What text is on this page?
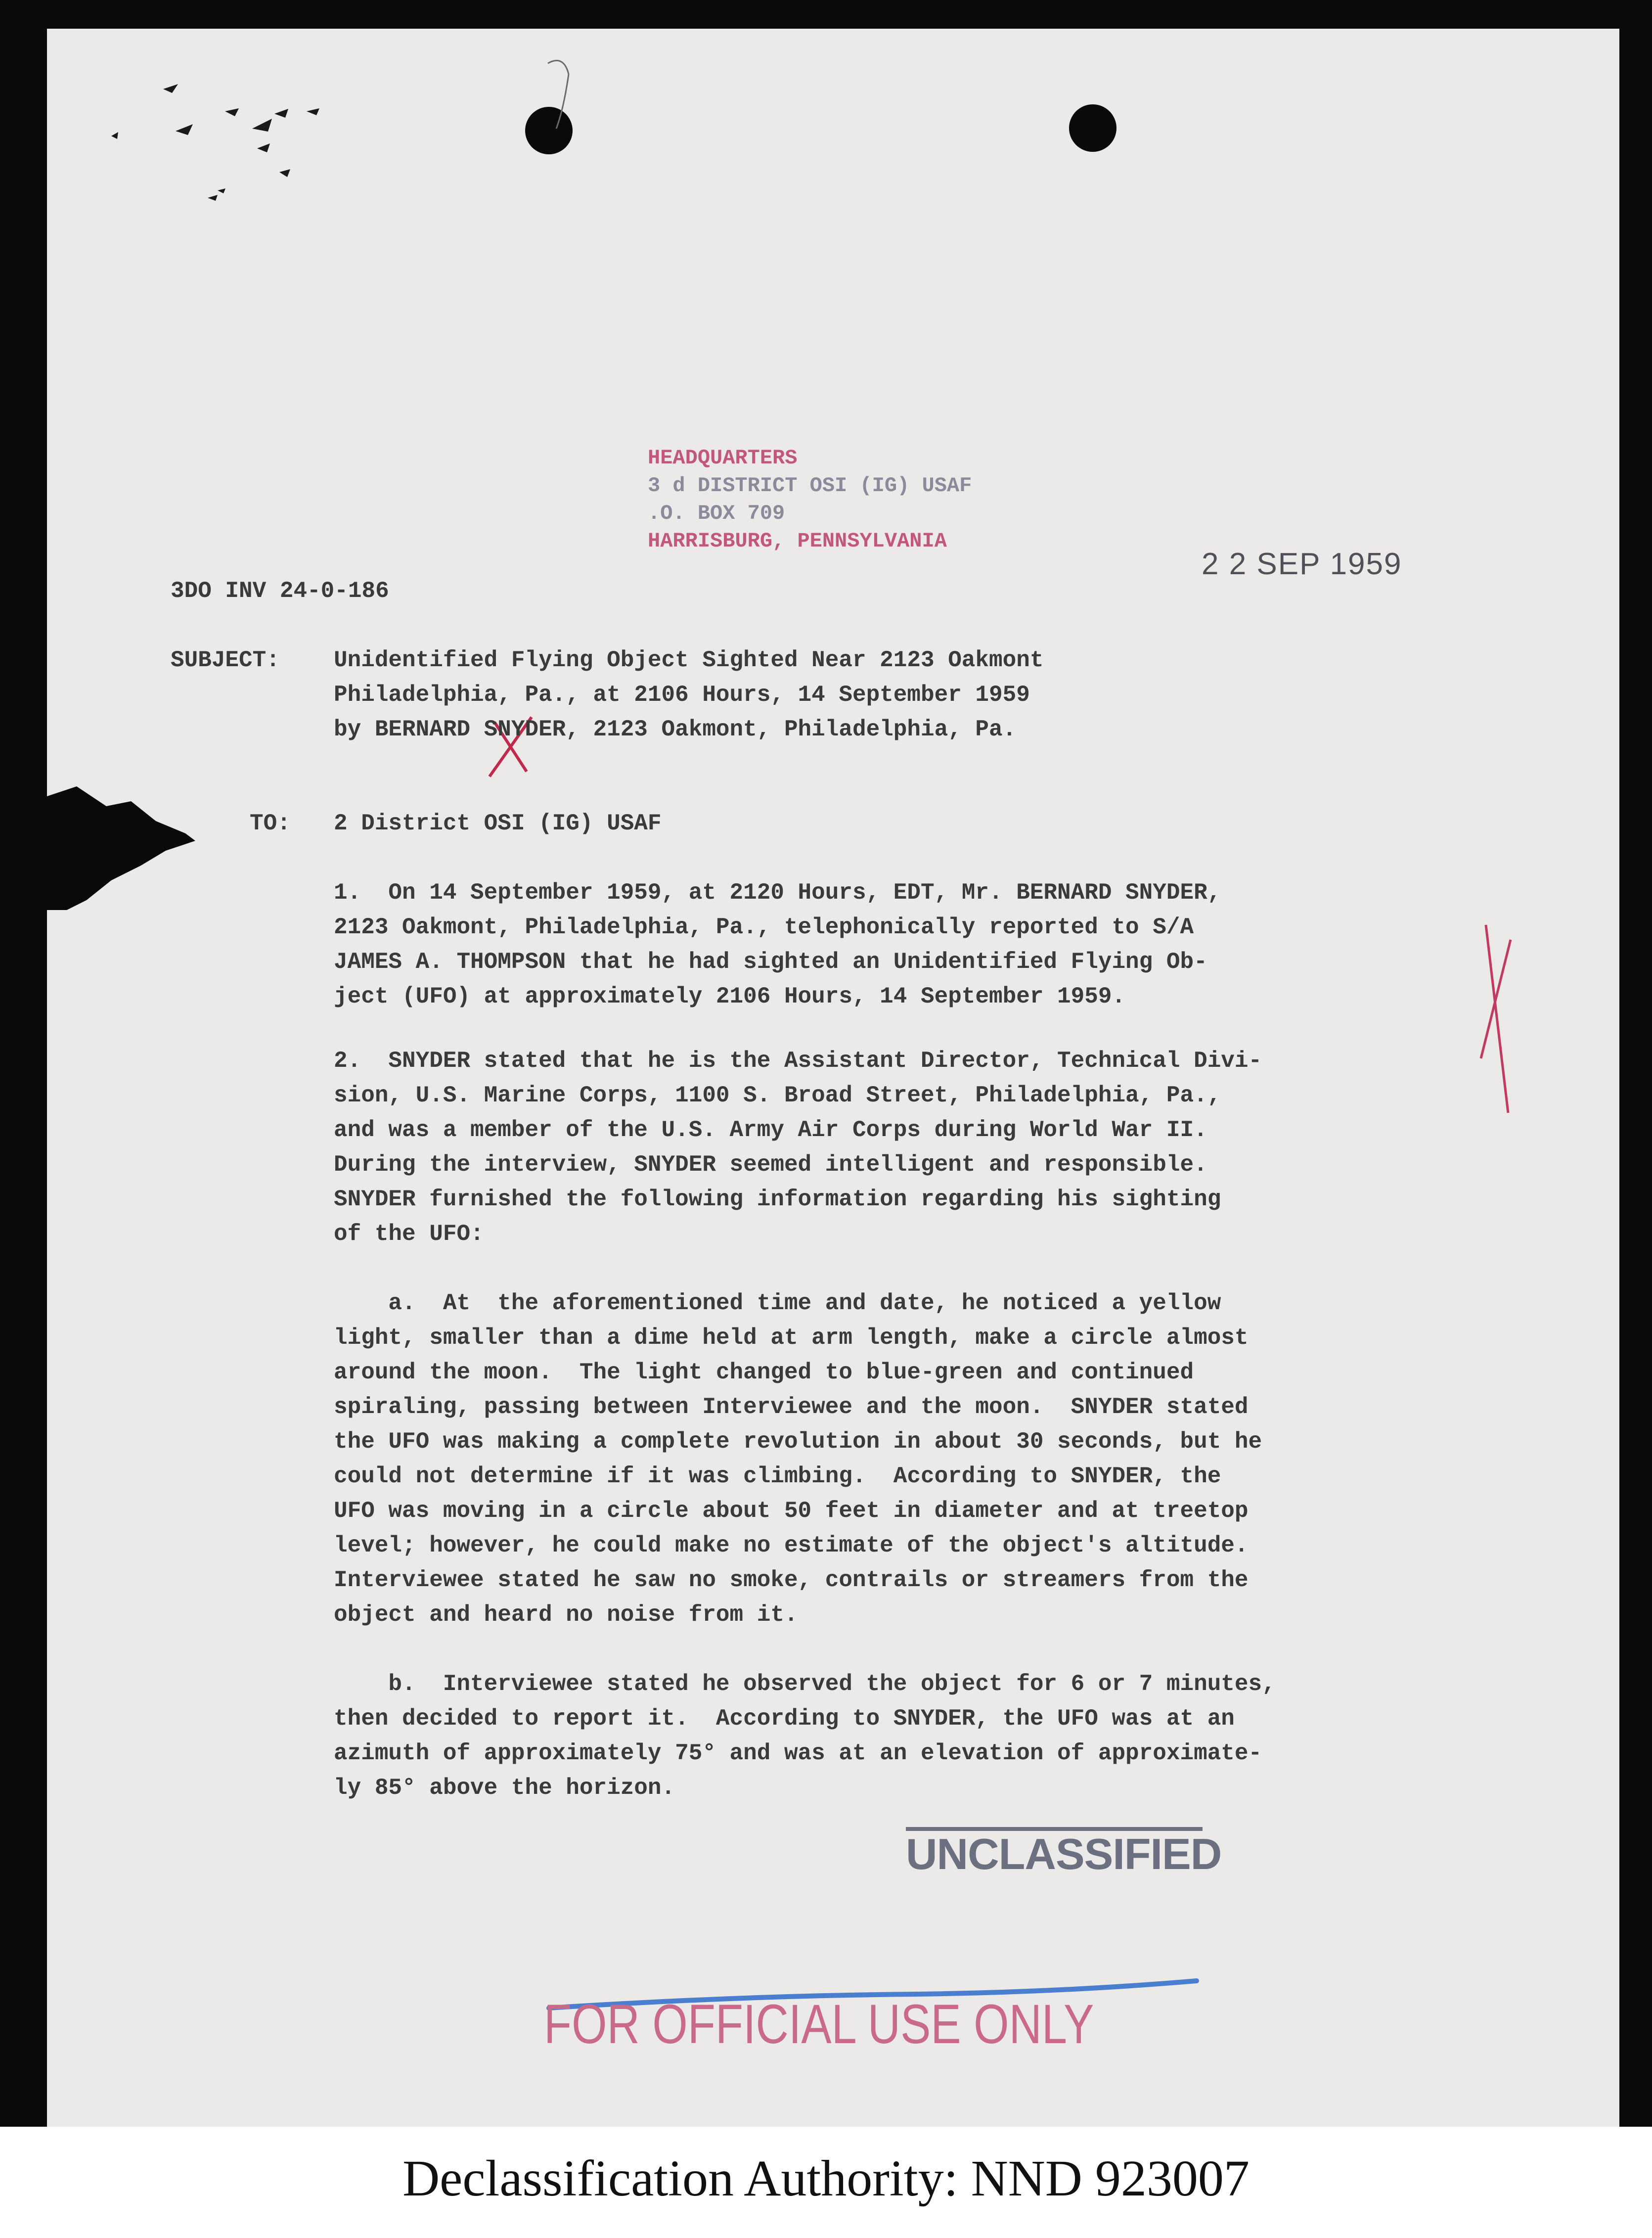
HEADQUARTERS
3 d DISTRICT OSI (IG) USAF
.O. BOX 709
HARRISBURG, PENNSYLVANIA
2 2 SEP 1959
3DO INV 24-0-186
SUBJECT: Unidentified Flying Object Sighted Near 2123 Oakmont
Philadelphia, Pa., at 2106 Hours, 14 September 1959
by BERNARD SNYDER, 2123 Oakmont, Philadelphia, Pa.
TO: 2 District OSI (IG) USAF
1.  On 14 September 1959, at 2120 Hours, EDT, Mr. BERNARD SNYDER,
2123 Oakmont, Philadelphia, Pa., telephonically reported to S/A
JAMES A. THOMPSON that he had sighted an Unidentified Flying Ob-
ject (UFO) at approximately 2106 Hours, 14 September 1959.
2.  SNYDER stated that he is the Assistant Director, Technical Divi-
sion, U.S. Marine Corps, 1100 S. Broad Street, Philadelphia, Pa.,
and was a member of the U.S. Army Air Corps during World War II.
During the interview, SNYDER seemed intelligent and responsible.
SNYDER furnished the following information regarding his sighting
of the UFO:
a.  At  the aforementioned time and date, he noticed a yellow
light, smaller than a dime held at arm length, make a circle almost
around the moon.  The light changed to blue-green and continued
spiraling, passing between Interviewee and the moon.  SNYDER stated
the UFO was making a complete revolution in about 30 seconds, but he
could not determine if it was climbing.  According to SNYDER, the
UFO was moving in a circle about 50 feet in diameter and at treetop
level; however, he could make no estimate of the object's altitude.
Interviewee stated he saw no smoke, contrails or streamers from the
object and heard no noise from it.
b.  Interviewee stated he observed the object for 6 or 7 minutes,
then decided to report it.  According to SNYDER, the UFO was at an
azimuth of approximately 75° and was at an elevation of approximate-
ly 85° above the horizon.
UNCLASSIFIED
FOR OFFICIAL USE ONLY
Declassification Authority: NND 923007
